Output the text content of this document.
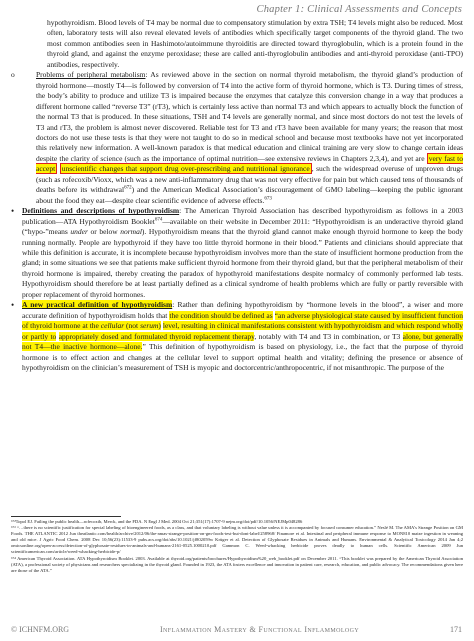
Chapter 1: Clinical Assessments and Concepts

hypothyroidism. Blood levels of T4 may be normal due to compensatory stimulation by extra TSH; T4 levels might also be reduced. Most often, laboratory tests will also reveal elevated levels of antibodies which specifically target components of the thyroid gland. The two most common antibodies seen in Hashimoto/autoimmune thyroiditis are directed toward thyroglobulin, which is a protein found in the thyroid gland, and against the enzyme peroxidase; these are called anti-thyroglobulin antibodies and anti-thyroid peroxidase (anti-TPO) antibodies, respectively.

o	Problems of peripheral metabolism: As reviewed above in the section on normal thyroid metabolism, the thyroid gland’s production of thyroid hormone—mostly T4—is followed by conversion of T4 into the active form of thyroid hormone, which is T3. During times of stress, the body’s ability to produce and utilize T3 is impaired because the enzymes that catalyze this conversion change in a way that produces a different hormone called “reverse T3” (rT3), which is certainly less active than normal T3 and which appears to actually block the function of the normal T3 that is produced. In these situations, TSH and T4 levels are generally normal, and since most doctors do not test the levels of T3 and rT3, the problem is almost never discovered. Reliable test for T3 and rT3 have been available for many years; the reason that most doctors do not use these tests is that they were not taught to do so in medical school and because most textbooks have not yet incorporated this relatively new information. A well-known paradox is that medical education and clinical training are very slow to change certain ideas despite the clarity of science (such as the importance of optimal nutrition—see extensive reviews in Chapters 2,3,4), and yet are very fast to accept unscientific changes that support drug over-prescribing and nutritional ignorance , such the widespread overuse of unproven drugs (such as rofecoxib/Vioxx, which was a new anti-inflammatory drug that was not very effective for pain but which caused tens of thousands of deaths before its withdrawal$^{672}$) and the American Medical Association’s discouragement of GMO labeling—keeping the public ignorant about the food they eat—despite clear scientific evidence of adverse effects.$^{673}$
• Definitions and descriptions of hypothyroidism: The American Thyroid Association has described hypothyroidism as follows in a 2003 publication—ATA Hypothyroidism Booklet$^{674}$—available on their website in December 2011: “Hypothyroidism is an underactive thyroid gland (“hypo-”means under or below normal). Hypothyroidism means that the thyroid gland cannot make enough thyroid hormone to keep the body running normally. People are hypothyroid if they have too little thyroid hormone in their blood.” Patients and clinicians should appreciate that while this definition is accurate, it is incomplete because hypothyroidism involves more than the state of insufficient hormone production from the gland; in some situations we see that patients make sufficient thyroid hormone from their thyroid gland, but that the peripheral metabolism of their thyroid hormone is impaired, thereby creating the paradox of hypothyroid manifestations despite normalcy of commonly performed lab tests. Hypothyroidism should therefore be at least partially defined as a clinical syndrome of health problems which are fully or partly reversible with proper replacement of thyroid hormones.
• A new practical definition of hypothyroidism: Rather than defining hypothyroidism by “hormone levels in the blood”, a wiser and more accurate definition of hypothyroidism holds that the condition should be defined as “an adverse physiological state caused by insufficient function of thyroid hormone at the cellular (not serum) level, resulting in clinical manifestations consistent with hypothyroidism and which respond wholly or partly to appropriately dosed and formulated thyroid replacement therapy, notably with T4 and T3 in combination, or T3 alone, but generally not T4—the inactive hormone—alone.” This definition of hypothyroidism is based on physiology, i.e., the fact that the purpose of thyroid hormone is to effect action and changes at the cellular level to support optimal health and vitality; defining the presence or absence of hypothyroidism on the clinician’s measurement of TSH is myopic and doctorcentric/anthropocentric, if not misanthropic. The purpose of the

⁶⁷²Topol EJ. Failing the public health—rofecoxib, Merck, and the FDA. N Engl J Med. 2004 Oct 21;351(17):1707-9 nejm.org/doi/pdf/10.1056/NEJMp048286

⁶⁷³ “…there is no scientific justification for special labeling of bioengineered foods, as a class, and that voluntary labeling is without value unless it is accompanied by focused consumer education.” Neslé M. The AMA’s Strange Position on GM Foods. THE ATLANTIC 2012 Jun theatlantic.com/health/archive/2012/06/the-amas-strange-position-on-gm-foods-test-but-dont-label/258968/ Finamore et al. Intestinal and peripheral immune response to MON810 maize ingestion in weaning and old mice. J Agric Food Chem. 2008 Dec 10;56(23):11533-9 pubs.acs.org/doi/abs/10.1021/jf802059w Krüger et al. Detection of Glyphosate Residues in Animals and Humans. Environmental & Analytical Toxicology 2014 Jan 4;2 omicsonline.org/open-access/detection-of-glyphosate-residues-in-animals-and-humans-2161-0525.1000210.pdf Gammon C. Weed-whacking herbicide proves deadly to human cells. Scientific American 2009 Jun scientificamerican.com/article/weed-whacking-herbicide-p/

⁶⁷⁴ American Thyroid Association. ATA Hypothyroidism Booklet. 2003. Available at thyroid.org/patients/brochures/Hypothyroidism%20_web_booklet.pdf on December 2011. “This booklet was prepared by the American Thyroid Association (ATA), a professional society of physicians and researchers specializing in the thyroid gland. Founded in 1923, the ATA fosters excellence and innovation in patient care, research, education, and public advocacy. The recommendations given here are those of the ATA.”

© ICHNFM.ORG	Inflammation Mastery & Functional Inflammology	171
